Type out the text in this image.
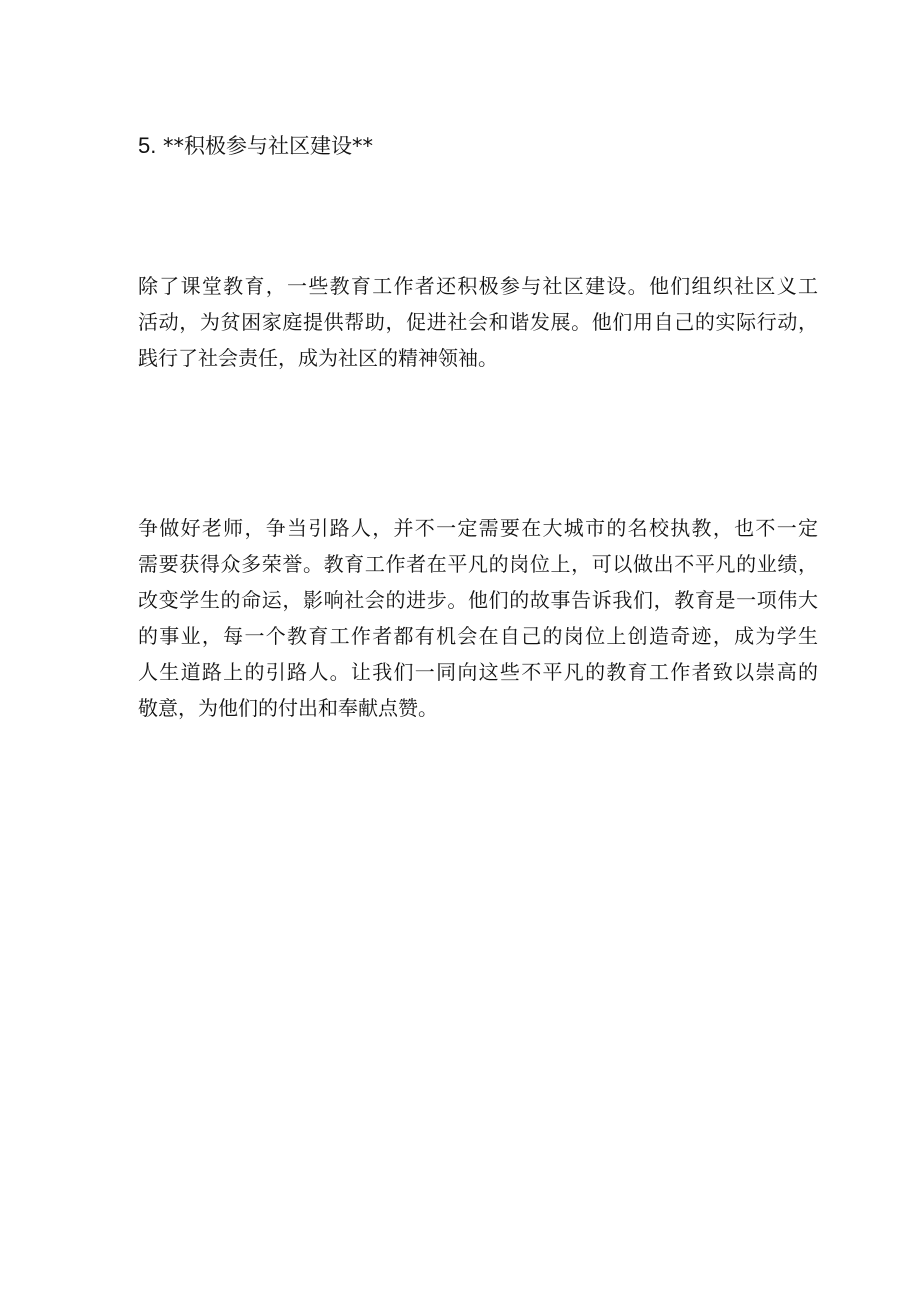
5. **积极参与社区建设**

除了课堂教育，一些教育工作者还积极参与社区建设。他们组织社区义工
活动，为贫困家庭提供帮助，促进社会和谐发展。他们用自己的实际行动，
践行了社会责任，成为社区的精神领袖。

争做好老师，争当引路人，并不一定需要在大城市的名校执教，也不一定
需要获得众多荣誉。教育工作者在平凡的岗位上，可以做出不平凡的业绩，
改变学生的命运，影响社会的进步。他们的故事告诉我们，教育是一项伟大
的事业，每一个教育工作者都有机会在自己的岗位上创造奇迹，成为学生
人生道路上的引路人。让我们一同向这些不平凡的教育工作者致以崇高的
敬意，为他们的付出和奉献点赞。
